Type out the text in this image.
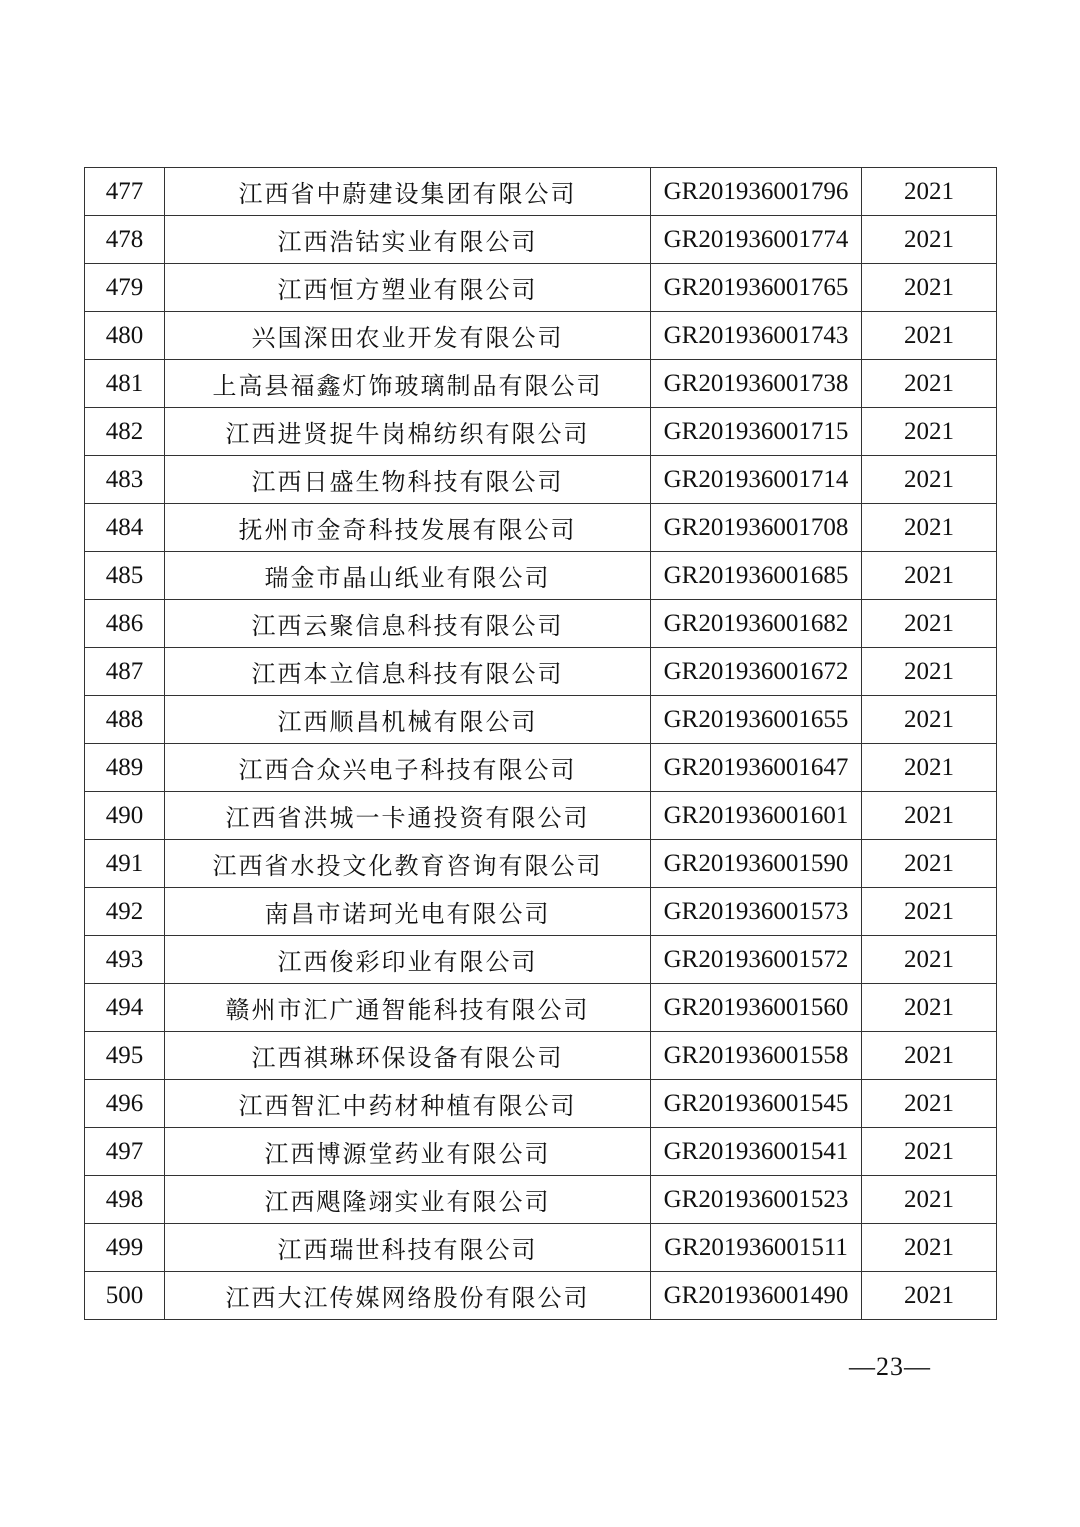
477	江西省中蔚建设集团有限公司	GR201936001796	2021
478	江西浩钴实业有限公司	GR201936001774	2021
479	江西恒方塑业有限公司	GR201936001765	2021
480	兴国深田农业开发有限公司	GR201936001743	2021
481	上高县福鑫灯饰玻璃制品有限公司	GR201936001738	2021
482	江西进贤捉牛岗棉纺织有限公司	GR201936001715	2021
483	江西日盛生物科技有限公司	GR201936001714	2021
484	抚州市金奇科技发展有限公司	GR201936001708	2021
485	瑞金市晶山纸业有限公司	GR201936001685	2021
486	江西云聚信息科技有限公司	GR201936001682	2021
487	江西本立信息科技有限公司	GR201936001672	2021
488	江西顺昌机械有限公司	GR201936001655	2021
489	江西合众兴电子科技有限公司	GR201936001647	2021
490	江西省洪城一卡通投资有限公司	GR201936001601	2021
491	江西省水投文化教育咨询有限公司	GR201936001590	2021
492	南昌市诺珂光电有限公司	GR201936001573	2021
493	江西俊彩印业有限公司	GR201936001572	2021
494	赣州市汇广通智能科技有限公司	GR201936001560	2021
495	江西祺琳环保设备有限公司	GR201936001558	2021
496	江西智汇中药材种植有限公司	GR201936001545	2021
497	江西博源堂药业有限公司	GR201936001541	2021
498	江西飓隆翊实业有限公司	GR201936001523	2021
499	江西瑞世科技有限公司	GR201936001511	2021
500	江西大江传媒网络股份有限公司	GR201936001490	2021
—23—
